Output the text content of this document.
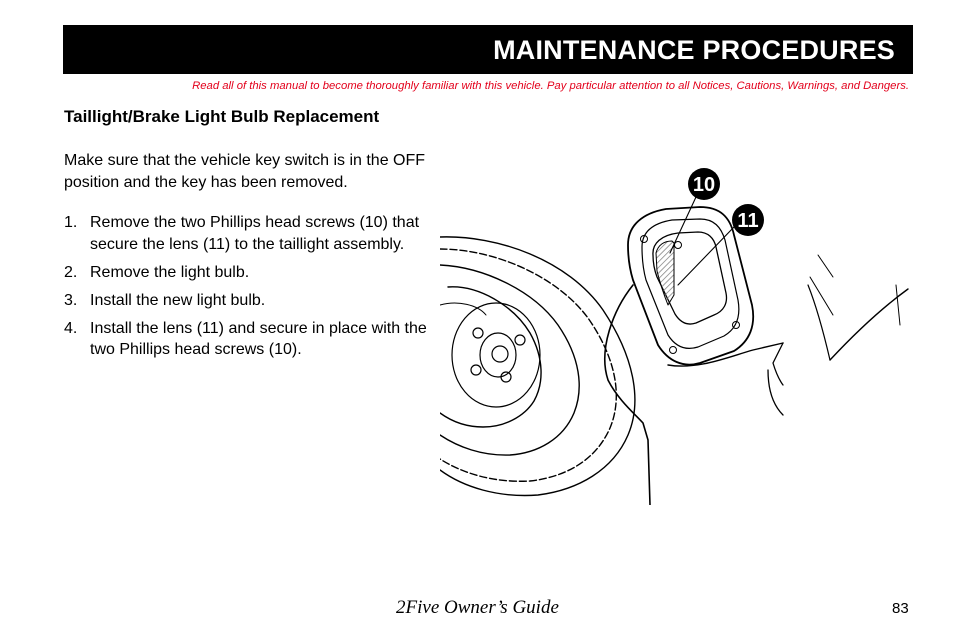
MAINTENANCE PROCEDURES
Read all of this manual to become thoroughly familiar with this vehicle. Pay particular attention to all Notices, Cautions, Warnings, and Dangers.
Taillight/Brake Light Bulb Replacement
Make sure that the vehicle key switch is in the OFF position and the key has been removed.
1. Remove the two Phillips head screws (10) that secure the lens (11) to the taillight assembly.
2. Remove the light bulb.
3. Install the new light bulb.
4. Install the lens (11) and secure in place with the two Phillips head screws (10).
10
11
2Five Owner’s Guide	83
